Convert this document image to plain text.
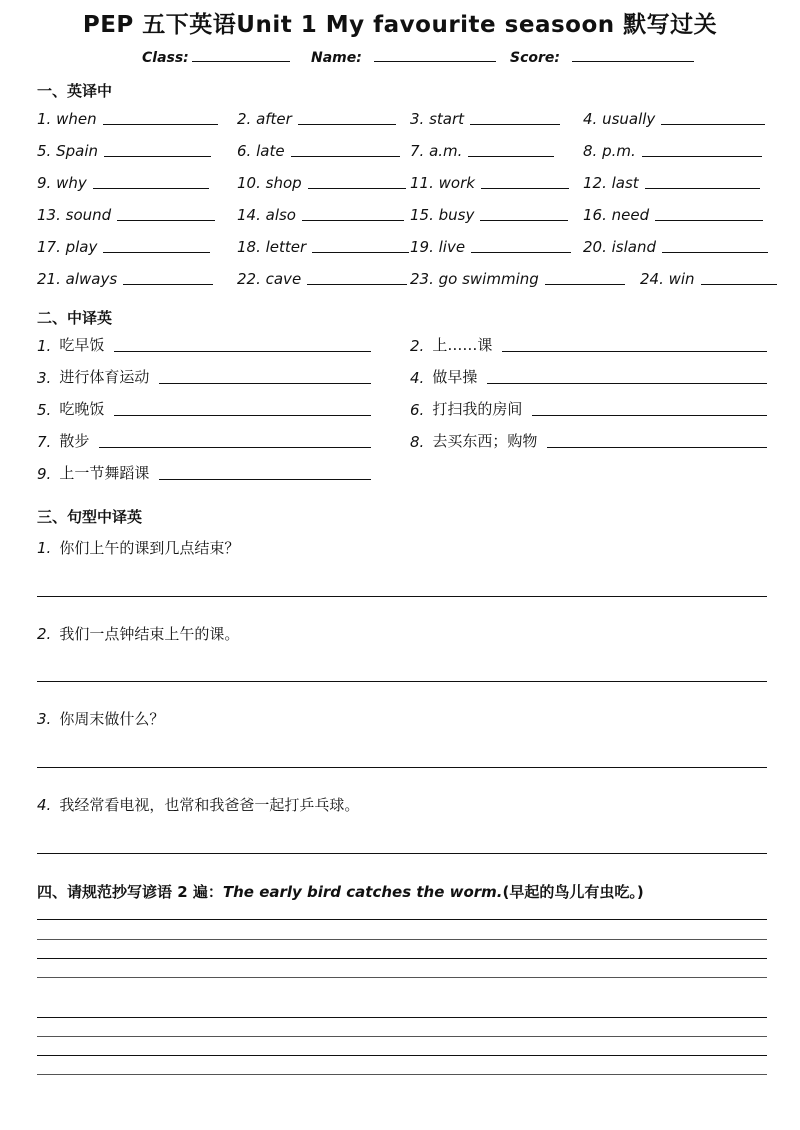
PEP 五下英语Unit 1 My favourite seasoon 默写过关
Class:	Name:	Score:
一、英译中
1. when	2. after	3. start	4. usually
5. Spain	6. late	7. a.m.	8. p.m.
9. why	10. shop	11. work	12. last
13. sound	14. also	15. busy	16. need
17. play	18. letter	19. live	20. island
21. always	22. cave	23. go swimming	24. win
二、中译英
1. 吃早饭	2. 上……课
3. 进行体育运动	4. 做早操
5. 吃晚饭	6. 打扫我的房间
7. 散步	8. 去买东西；购物
9. 上一节舞蹈课
三、句型中译英
1. 你们上午的课到几点结束？
2. 我们一点钟结束上午的课。
3. 你周末做什么？
4. 我经常看电视，也常和我爸爸一起打乒乓球。
四、请规范抄写谚语 2 遍：The early bird catches the worm.(早起的鸟儿有虫吃。)
